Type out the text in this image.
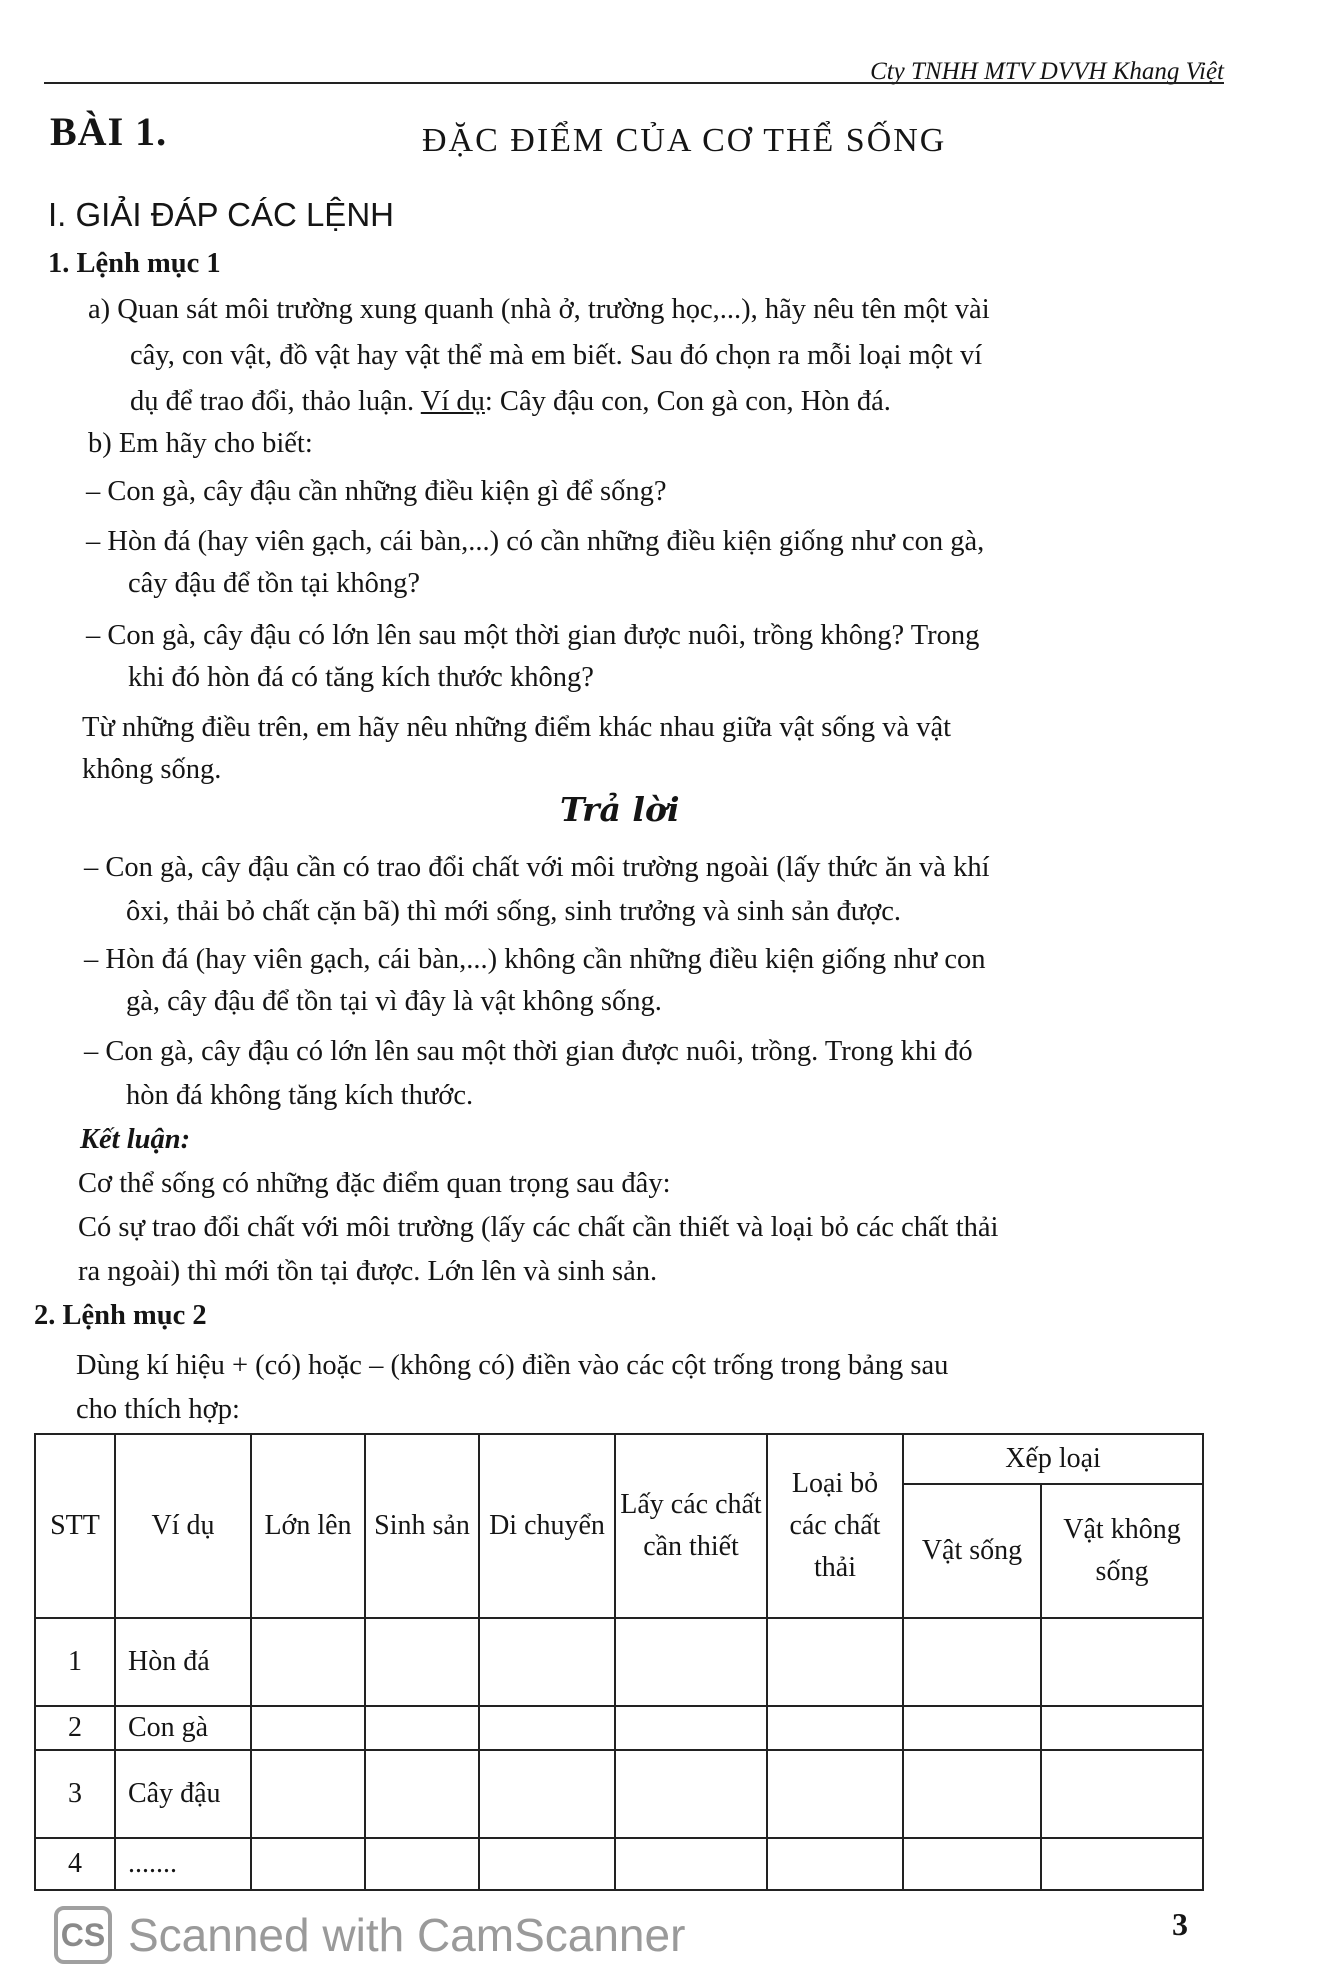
Cty TNHH MTV DVVH Khang Việt
BÀI 1.	ĐẶC ĐIỂM CỦA CƠ THỂ SỐNG
I. GIẢI ĐÁP CÁC LỆNH
1. Lệnh mục 1
a) Quan sát môi trường xung quanh (nhà ở, trường học,...), hãy nêu tên một vài
cây, con vật, đồ vật hay vật thể mà em biết. Sau đó chọn ra mỗi loại một ví
dụ để trao đổi, thảo luận. Ví dụ: Cây đậu con, Con gà con, Hòn đá.
b) Em hãy cho biết:
– Con gà, cây đậu cần những điều kiện gì để sống?
– Hòn đá (hay viên gạch, cái bàn,...) có cần những điều kiện giống như con gà,
cây đậu để tồn tại không?
– Con gà, cây đậu có lớn lên sau một thời gian được nuôi, trồng không? Trong
khi đó hòn đá có tăng kích thước không?
Từ những điều trên, em hãy nêu những điểm khác nhau giữa vật sống và vật
không sống.
Trả lời
– Con gà, cây đậu cần có trao đổi chất với môi trường ngoài (lấy thức ăn và khí
ôxi, thải bỏ chất cặn bã) thì mới sống, sinh trưởng và sinh sản được.
– Hòn đá (hay viên gạch, cái bàn,...) không cần những điều kiện giống như con
gà, cây đậu để tồn tại vì đây là vật không sống.
– Con gà, cây đậu có lớn lên sau một thời gian được nuôi, trồng. Trong khi đó
hòn đá không tăng kích thước.
Kết luận:
Cơ thể sống có những đặc điểm quan trọng sau đây:
Có sự trao đổi chất với môi trường (lấy các chất cần thiết và loại bỏ các chất thải
ra ngoài) thì mới tồn tại được. Lớn lên và sinh sản.
2. Lệnh mục 2
Dùng kí hiệu + (có) hoặc – (không có) điền vào các cột trống trong bảng sau
cho thích hợp:
STT	Ví dụ	Lớn lên	Sinh sản	Di chuyển	Lấy các chất cần thiết	Loại bỏ các chất thải	Xếp loại	
							Vật sống	Vật không sống
1	Hòn đá							
2	Con gà							
3	Cây đậu							
4	.......							
CS Scanned with CamScanner	3
